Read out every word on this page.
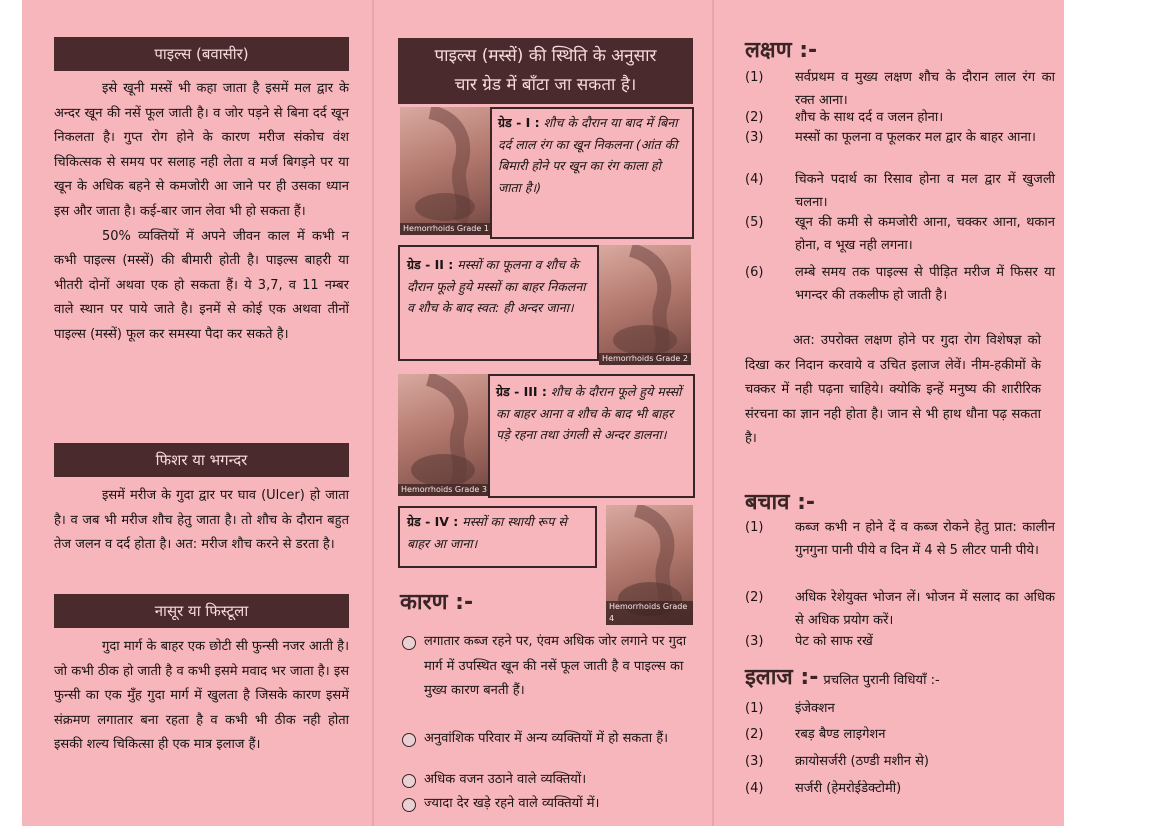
पाइल्स (बवासीर)

इसे खूनी मस्सें भी कहा जाता है इसमें मल द्वार के अन्दर खून की नसें फूल जाती है। व जोर पड़ने से बिना दर्द खून निकलता है। गुप्त रोग होने के कारण मरीज संकोच वंश चिकित्सक से समय पर सलाह नही लेता व मर्ज बिगड़ने पर या खून के अधिक बहने से कमजोरी आ जाने पर ही उसका ध्यान इस और जाता है। कई-बार जान लेवा भी हो सकता हैं।

50% व्यक्तियों में अपने जीवन काल में कभी न कभी पाइल्स (मस्सें) की बीमारी होती है। पाइल्स बाहरी या भीतरी दोनों अथवा एक हो सकता हैं। ये 3,7, व 11 नम्बर वाले स्थान पर पाये जाते है। इनमें से कोई एक अथवा तीनों पाइल्स (मस्सें) फूल कर समस्या पैदा कर सकते है।

फिशर या भगन्दर

इसमें मरीज के गुदा द्वार पर घाव (Ulcer) हो जाता है। व जब भी मरीज शौच हेतु जाता है। तो शौच के दौरान बहुत तेज जलन व दर्द होता है। अत: मरीज शौच करने से डरता है।

नासूर या फिस्टूला

गुदा मार्ग के बाहर एक छोटी सी फुन्सी नजर आती है। जो कभी ठीक हो जाती है व कभी इसमे मवाद भर जाता है। इस फुन्सी का एक मुँह गुदा मार्ग में खुलता है जिसके कारण इसमें संक्रमण लगातार बना रहता है व कभी भी ठीक नही होता इसकी शल्य चिकित्सा ही एक मात्र इलाज हैं।

पाइल्स (मस्सें) की स्थिति के अनुसार
चार ग्रेड में बाँटा जा सकता है।
Hemorrhoids Grade 1
ग्रेड - I : शौच के दौरान या बाद में बिना दर्द लाल रंग का खून निकलना (आंत की बिमारी होने पर खून का रंग काला हो जाता है।)
ग्रेड - II : मस्सों का फूलना व शौच के दौरान फूले हुये मस्सों का बाहर निकलना व शौच के बाद स्वत: ही अन्दर जाना।
Hemorrhoids Grade 2
Hemorrhoids Grade 3
ग्रेड - III : शौच के दौरान फूले हुये मस्सों का बाहर आना व शौच के बाद भी बाहर पड़े रहना तथा उंगली से अन्दर डालना।
ग्रेड - IV : मस्सों का स्थायी रूप से बाहर आ जाना।
Hemorrhoids Grade 4
कारण :-
लगातार कब्ज रहने पर, एंवम अधिक जोर लगाने पर गुदा मार्ग में उपस्थित खून की नसें फूल जाती है व पाइल्स का मुख्य कारण बनती हैं।
अनुवांशिक परिवार में अन्य व्यक्तियों में हो सकता हैं।
अधिक वजन उठाने वाले व्यक्तियों।
ज्यादा देर खड़े रहने वाले व्यक्तियों में।
लक्षण :-
(1)	सर्वप्रथम व मुख्य लक्षण शौच के दौरान लाल रंग का रक्त आना।
(2)	शौच के साथ दर्द व जलन होना।
(3)	मस्सों का फूलना व फूलकर मल द्वार के बाहर आना।
(4)	चिकने पदार्थ का रिसाव होना व मल द्वार में खुजली चलना।
(5)	खून की कमी से कमजोरी आना, चक्कर आना, थकान होना, व भूख नही लगना।
(6)	लम्बे समय तक पाइल्स से पीड़ित मरीज में फिसर या भगन्दर की तकलीफ हो जाती है।

अत: उपरोक्त लक्षण होने पर गुदा रोग विशेषज्ञ को दिखा कर निदान करवाये व उचित इलाज लेवें। नीम-हकीमों के चक्कर में नही पढ़ना चाहिये। क्योकि इन्हें मनुष्य की शारीरिक संरचना का ज्ञान नही होता है। जान से भी हाथ धौना पढ़ सकता है।

बचाव :-
(1)	कब्ज कभी न होने दें व कब्ज रोकने हेतु प्रात: कालीन गुनगुना पानी पीये व दिन में 4 से 5 लीटर पानी पीये।
(2)	अधिक रेशेयुक्त भोजन लें। भोजन में सलाद का अधिक से अधिक प्रयोग करें।
(3)	पेट को साफ रखें
इलाज :- प्रचलित पुरानी विधियाँ :-
(1)	इंजेक्शन
(2)	रबड़ बैण्ड लाइगेशन
(3)	क्रायोसर्जरी (ठण्डी मशीन से)
(4)	सर्जरी (हेमरोईडेक्टोमी)
